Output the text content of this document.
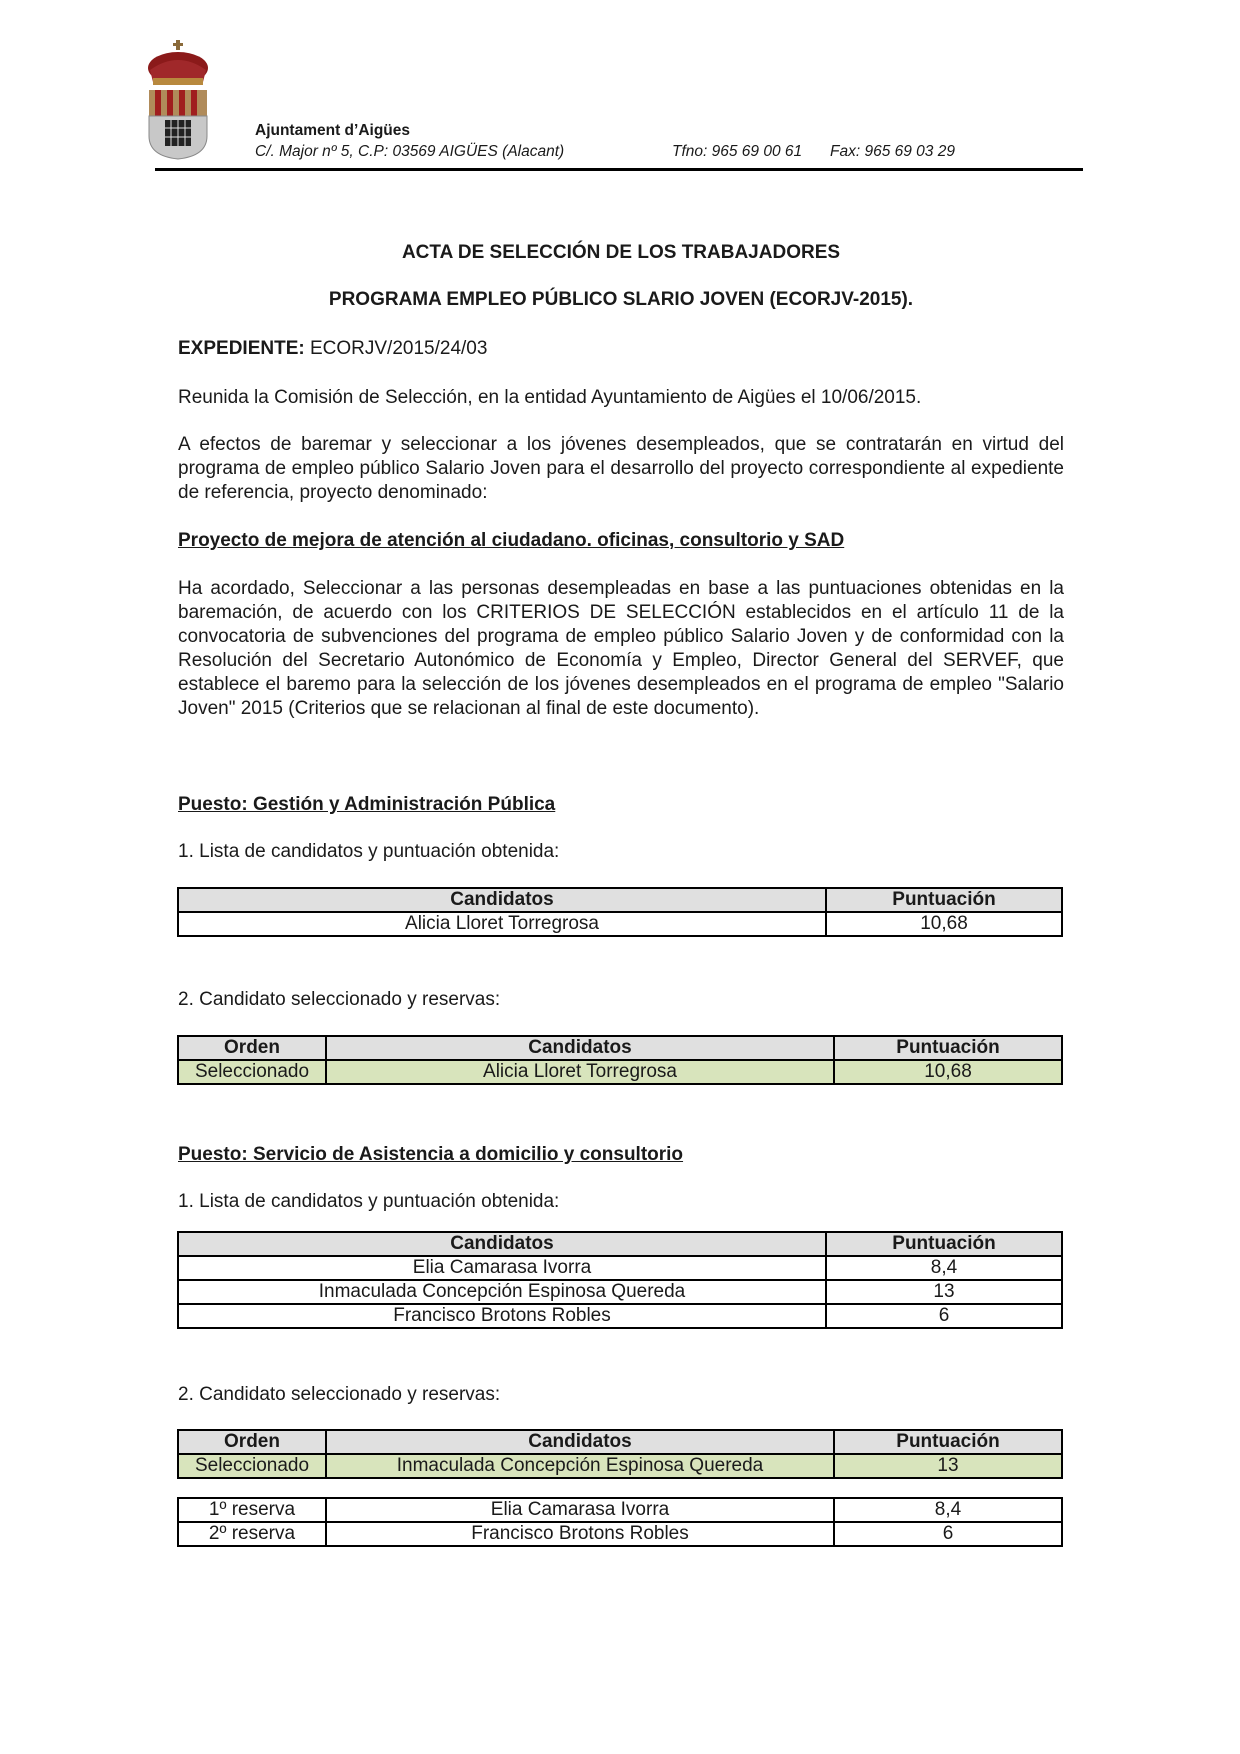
Ajuntament d’Aigües
C/. Major nº 5, C.P: 03569 AIGÜES (Alacant)	Tfno: 965 69 00 61 Fax: 965 69 03 29
ACTA DE SELECCIÓN DE LOS TRABAJADORES
PROGRAMA EMPLEO PÚBLICO SLARIO JOVEN (ECORJV-2015).
EXPEDIENTE: ECORJV/2015/24/03
Reunida la Comisión de Selección, en la entidad Ayuntamiento de Aigües el 10/06/2015.
A efectos de baremar y seleccionar a los jóvenes desempleados, que se contratarán en virtud del programa de empleo público Salario Joven para el desarrollo del proyecto correspondiente al expediente de referencia, proyecto denominado:
Proyecto de mejora de atención al ciudadano. oficinas, consultorio y SAD
Ha acordado, Seleccionar a las personas desempleadas en base a las puntuaciones obtenidas en la baremación, de acuerdo con los CRITERIOS DE SELECCIÓN establecidos en el artículo 11 de la convocatoria de subvenciones del programa de empleo público Salario Joven y de conformidad con la Resolución del Secretario Autonómico de Economía y Empleo, Director General del SERVEF, que establece el baremo para la selección de los jóvenes desempleados en el programa de empleo "Salario Joven" 2015 (Criterios que se relacionan al final de este documento).
Puesto: Gestión y Administración Pública
1. Lista de candidatos y puntuación obtenida:
Candidatos	Puntuación
Alicia Lloret Torregrosa	10,68
2. Candidato seleccionado y reservas:
Orden	Candidatos	Puntuación
Seleccionado	Alicia Lloret Torregrosa	10,68
Puesto: Servicio de Asistencia a domicilio y consultorio
1. Lista de candidatos y puntuación obtenida:
Candidatos	Puntuación
Elia Camarasa Ivorra	8,4
Inmaculada Concepción Espinosa Quereda	13
Francisco Brotons Robles	6
2. Candidato seleccionado y reservas:
Orden	Candidatos	Puntuación
Seleccionado	Inmaculada Concepción Espinosa Quereda	13
1º reserva	Elia Camarasa Ivorra	8,4
2º reserva	Francisco Brotons Robles	6
